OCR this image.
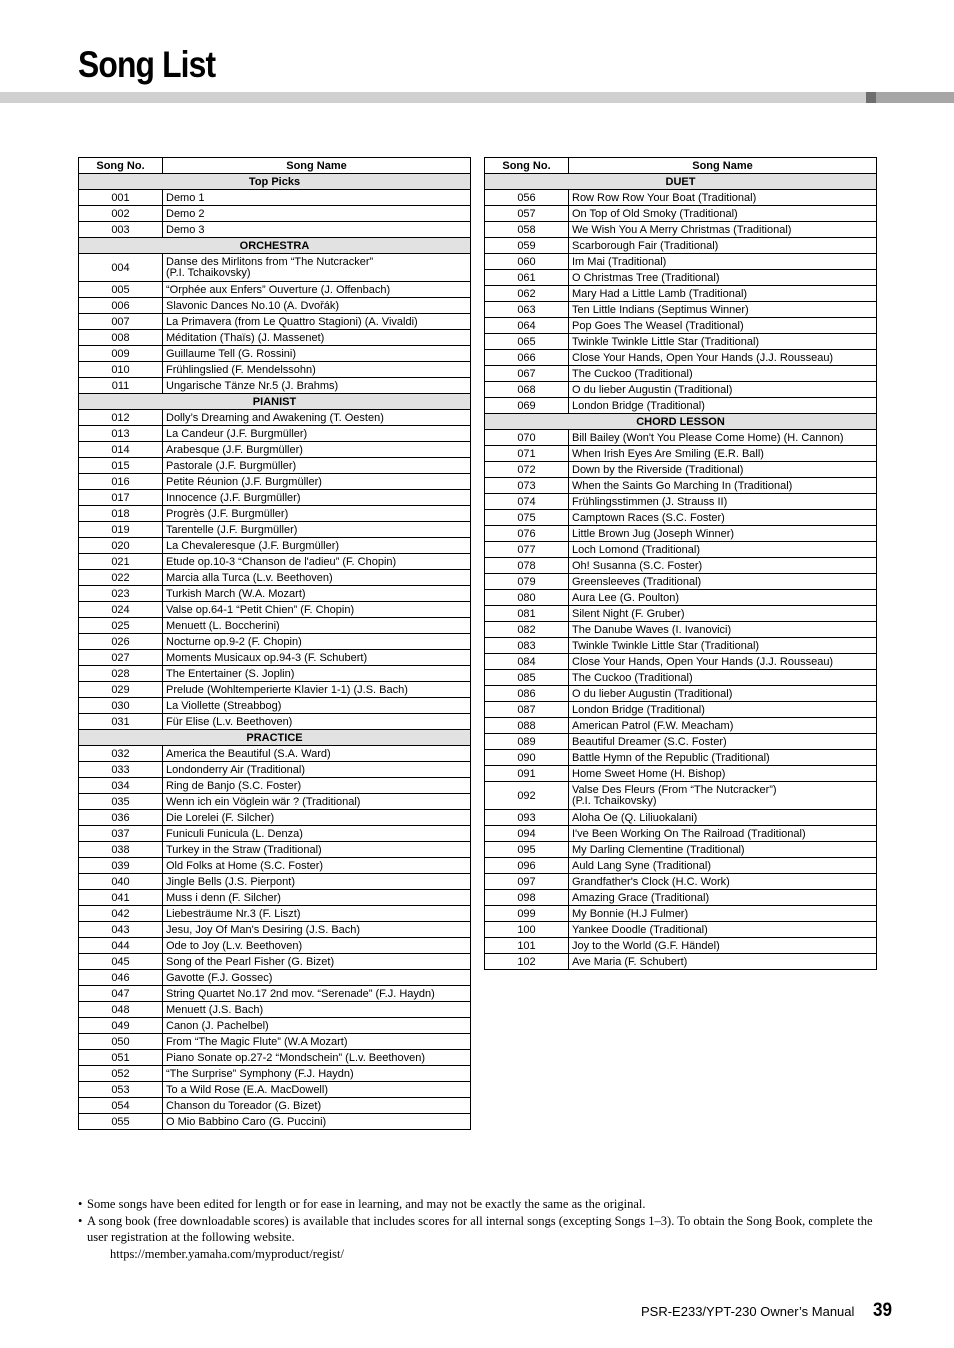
Song List
Song No.	Song Name
Top Picks	
001	Demo 1
002	Demo 2
003	Demo 3
ORCHESTRA	
004	Danse des Mirlitons from “The Nutcracker”
(P.I. Tchaikovsky)

005	“Orphée aux Enfers” Ouverture (J. Offenbach)
006	Slavonic Dances No.10 (A. Dvořák)
007	La Primavera (from Le Quattro Stagioni) (A. Vivaldi)
008	Méditation (Thaïs) (J. Massenet)
009	Guillaume Tell (G. Rossini)
010	Frühlingslied (F. Mendelssohn)
011	Ungarische Tänze Nr.5 (J. Brahms)
PIANIST	
012	Dolly’s Dreaming and Awakening (T. Oesten)
013	La Candeur (J.F. Burgmüller)
014	Arabesque (J.F. Burgmüller)
015	Pastorale (J.F. Burgmüller)
016	Petite Réunion (J.F. Burgmüller)
017	Innocence (J.F. Burgmüller)
018	Progrès (J.F. Burgmüller)
019	Tarentelle (J.F. Burgmüller)
020	La Chevaleresque (J.F. Burgmüller)
021	Etude op.10-3 “Chanson de l'adieu” (F. Chopin)
022	Marcia alla Turca (L.v. Beethoven)
023	Turkish March (W.A. Mozart)
024	Valse op.64-1 “Petit Chien” (F. Chopin)
025	Menuett (L. Boccherini)
026	Nocturne op.9-2 (F. Chopin)
027	Moments Musicaux op.94-3 (F. Schubert)
028	The Entertainer (S. Joplin)
029	Prelude (Wohltemperierte Klavier 1-1) (J.S. Bach)
030	La Viollette (Streabbog)
031	Für Elise (L.v. Beethoven)
PRACTICE	
032	America the Beautiful (S.A. Ward)
033	Londonderry Air (Traditional)
034	Ring de Banjo (S.C. Foster)
035	Wenn ich ein Vöglein wär ? (Traditional)
036	Die Lorelei (F. Silcher)
037	Funiculi Funicula (L. Denza)
038	Turkey in the Straw (Traditional)
039	Old Folks at Home (S.C. Foster)
040	Jingle Bells (J.S. Pierpont)
041	Muss i denn (F. Silcher)
042	Liebesträume Nr.3 (F. Liszt)
043	Jesu, Joy Of Man's Desiring (J.S. Bach)
044	Ode to Joy (L.v. Beethoven)
045	Song of the Pearl Fisher (G. Bizet)
046	Gavotte (F.J. Gossec)
047	String Quartet No.17 2nd mov. “Serenade” (F.J. Haydn)
048	Menuett (J.S. Bach)
049	Canon (J. Pachelbel)
050	From “The Magic Flute” (W.A Mozart)
051	Piano Sonate op.27-2 “Mondschein” (L.v. Beethoven)
052	“The Surprise” Symphony (F.J. Haydn)
053	To a Wild Rose (E.A. MacDowell)
054	Chanson du Toreador (G. Bizet)
055	O Mio Babbino Caro (G. Puccini)
Song No.	Song Name
DUET	
056	Row Row Row Your Boat (Traditional)
057	On Top of Old Smoky (Traditional)
058	We Wish You A Merry Christmas (Traditional)
059	Scarborough Fair (Traditional)
060	Im Mai (Traditional)
061	O Christmas Tree (Traditional)
062	Mary Had a Little Lamb (Traditional)
063	Ten Little Indians (Septimus Winner)
064	Pop Goes The Weasel (Traditional)
065	Twinkle Twinkle Little Star (Traditional)
066	Close Your Hands, Open Your Hands (J.J. Rousseau)
067	The Cuckoo (Traditional)
068	O du lieber Augustin (Traditional)
069	London Bridge (Traditional)
CHORD LESSON	
070	Bill Bailey (Won't You Please Come Home) (H. Cannon)
071	When Irish Eyes Are Smiling (E.R. Ball)
072	Down by the Riverside (Traditional)
073	When the Saints Go Marching In (Traditional)
074	Frühlingsstimmen (J. Strauss II)
075	Camptown Races (S.C. Foster)
076	Little Brown Jug (Joseph Winner)
077	Loch Lomond (Traditional)
078	Oh! Susanna (S.C. Foster)
079	Greensleeves (Traditional)
080	Aura Lee (G. Poulton)
081	Silent Night (F. Gruber)
082	The Danube Waves (I. Ivanovici)
083	Twinkle Twinkle Little Star (Traditional)
084	Close Your Hands, Open Your Hands (J.J. Rousseau)
085	The Cuckoo (Traditional)
086	O du lieber Augustin (Traditional)
087	London Bridge (Traditional)
088	American Patrol (F.W. Meacham)
089	Beautiful Dreamer (S.C. Foster)
090	Battle Hymn of the Republic (Traditional)
091	Home Sweet Home (H. Bishop)
092	Valse Des Fleurs (From “The Nutcracker”)
(P.I. Tchaikovsky)

093	Aloha Oe (Q. Liliuokalani)
094	I've Been Working On The Railroad (Traditional)
095	My Darling Clementine (Traditional)
096	Auld Lang Syne (Traditional)
097	Grandfather's Clock (H.C. Work)
098	Amazing Grace (Traditional)
099	My Bonnie (H.J Fulmer)
100	Yankee Doodle (Traditional)
101	Joy to the World (G.F. Händel)
102	Ave Maria (F. Schubert)

• Some songs have been edited for length or for ease in learning, and may not be exactly the same as the original.

• A song book (free downloadable scores) is available that includes scores for all internal songs (excepting Songs 1–3). To obtain the Song Book, complete the user registration at the following website.

https://member.yamaha.com/myproduct/regist/

PSR-E233/YPT-230 Owner’s Manual 39
